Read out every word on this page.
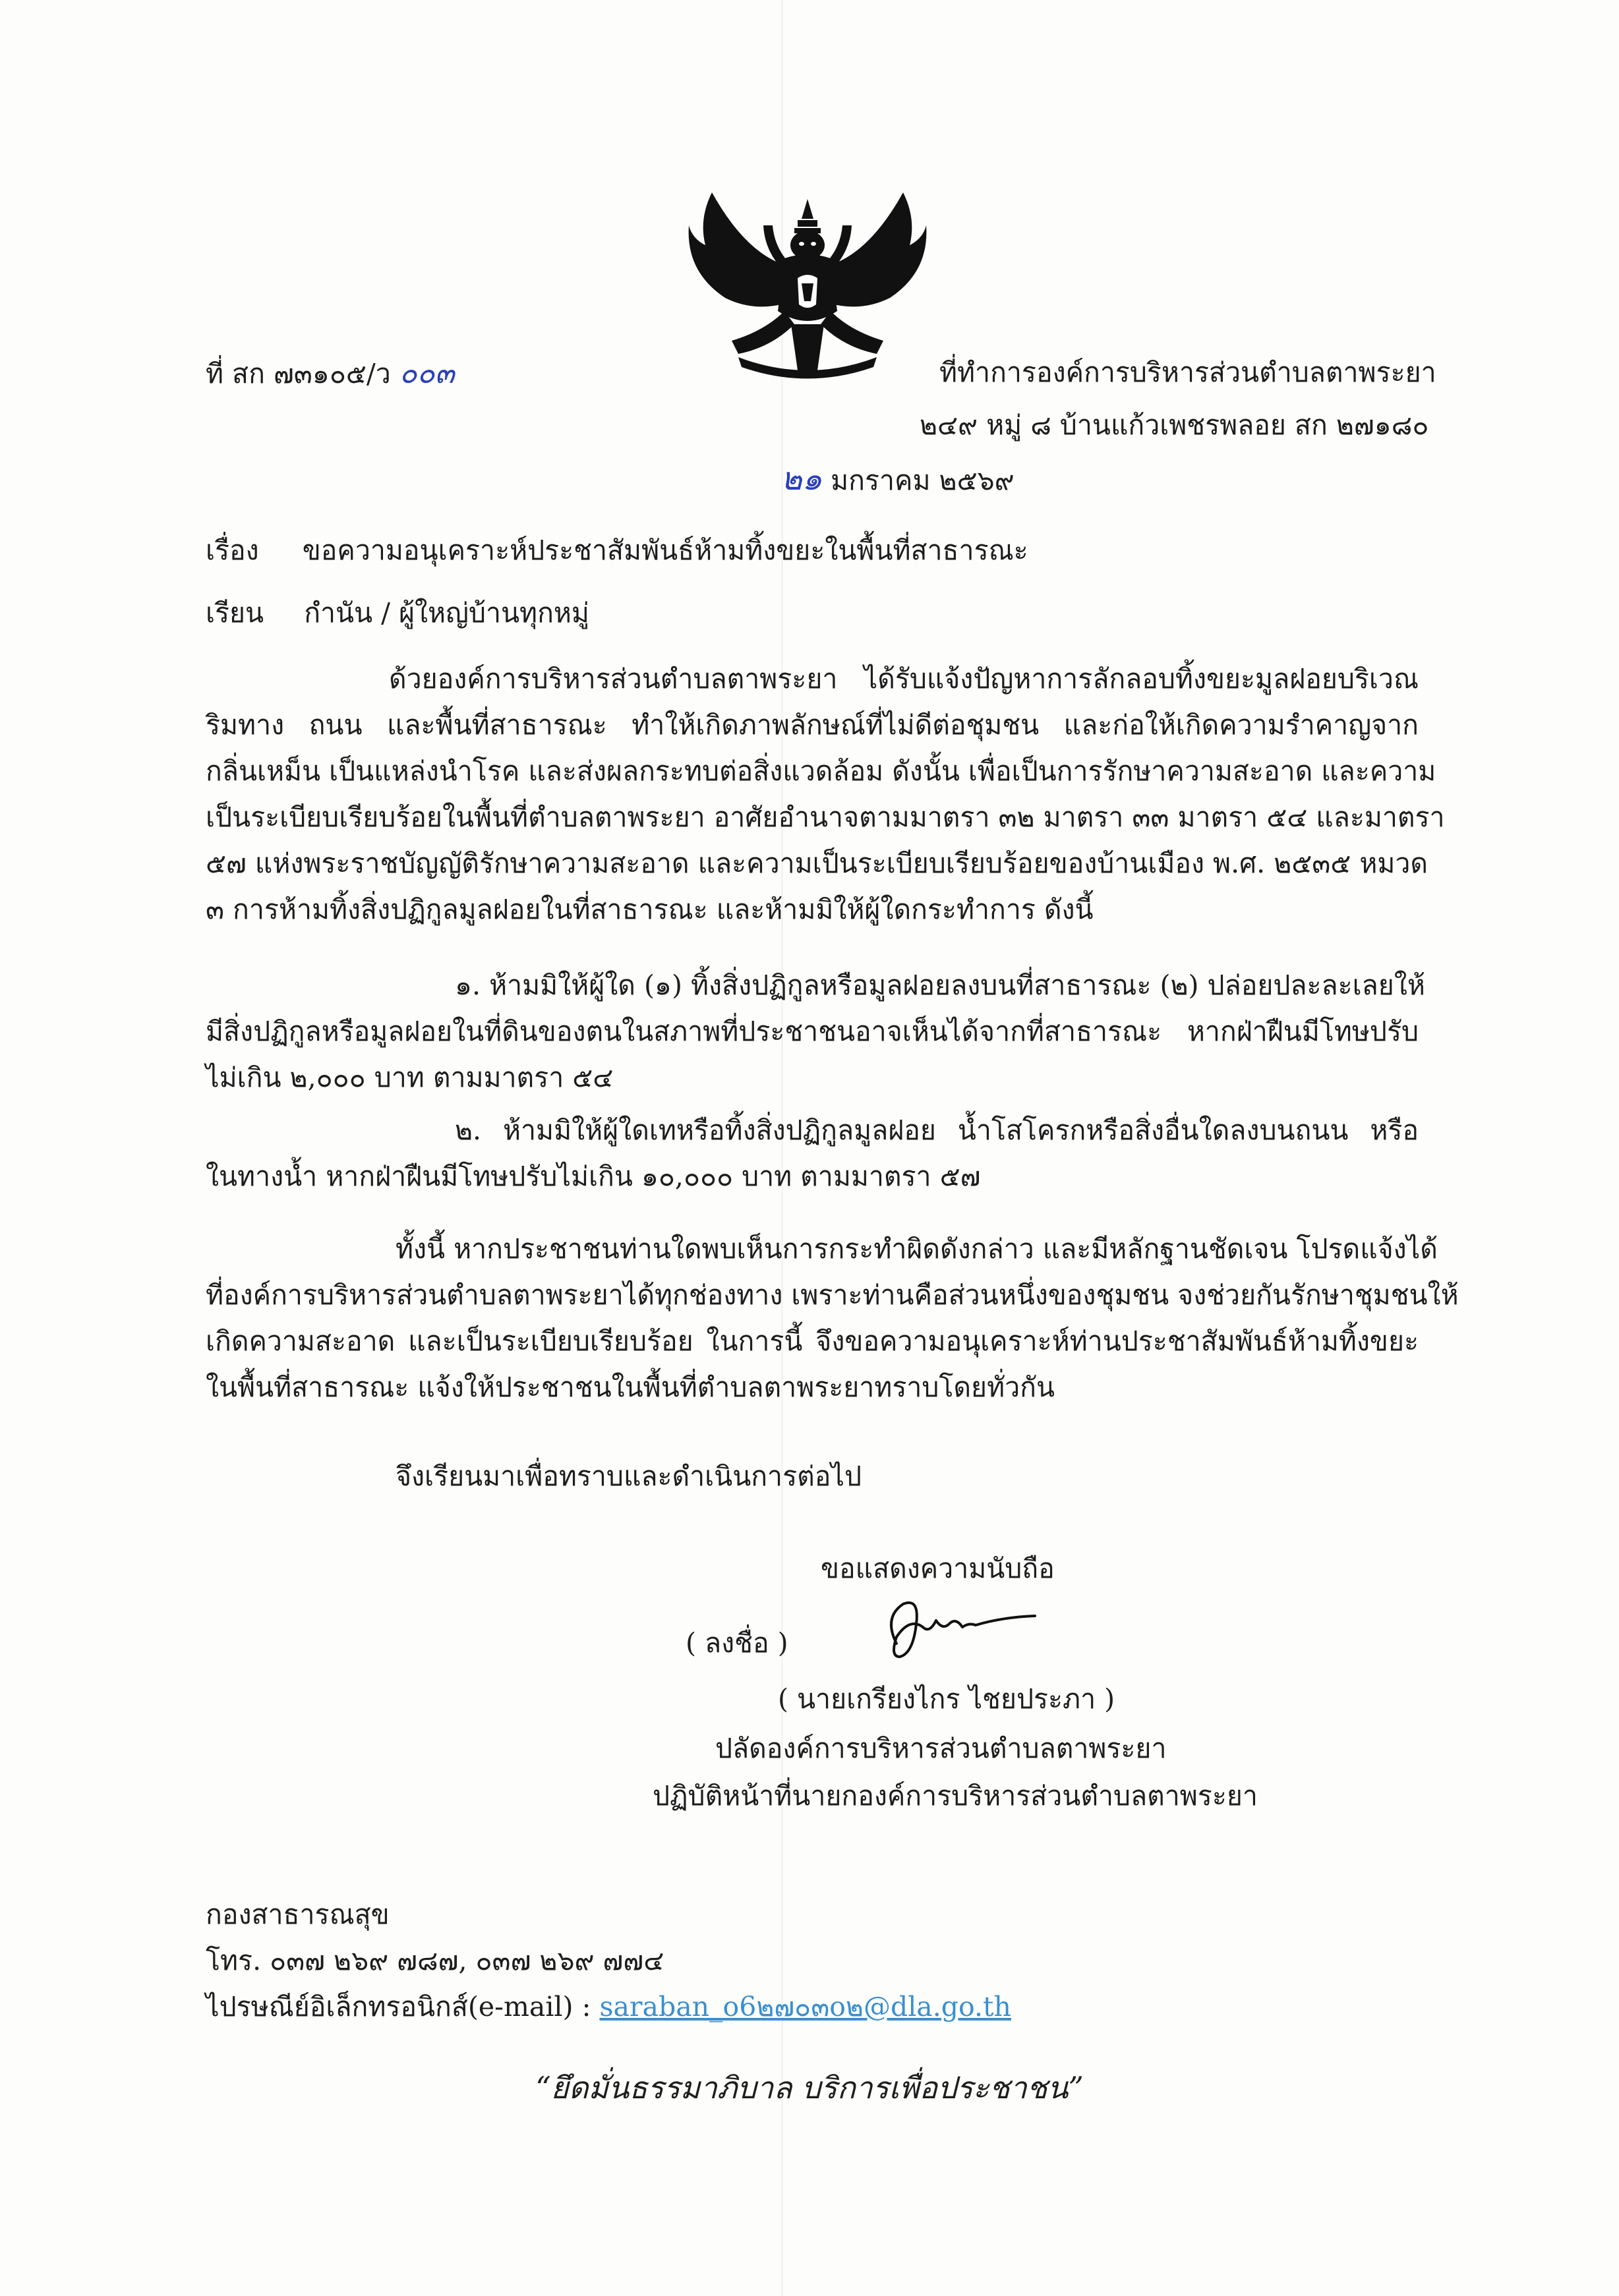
ที่ สก ๗๓๑๐๕/ว ๐๐๓	ที่ทำการองค์การบริหารส่วนตำบลตาพระยา
๒๔๙ หมู่ ๘ บ้านแก้วเพชรพลอย สก ๒๗๑๘๐
๒๑ มกราคม ๒๕๖๙
เรื่อง ขอความอนุเคราะห์ประชาสัมพันธ์ห้ามทิ้งขยะในพื้นที่สาธารณะ
เรียน กำนัน / ผู้ใหญ่บ้านทุกหมู่
ด้วยองค์การบริหารส่วนตำบลตาพระยา ได้รับแจ้งปัญหาการลักลอบทิ้งขยะมูลฝอยบริเวณ
ริมทาง ถนน และพื้นที่สาธารณะ ทำให้เกิดภาพลักษณ์ที่ไม่ดีต่อชุมชน และก่อให้เกิดความรำคาญจาก
กลิ่นเหม็น เป็นแหล่งนำโรค และส่งผลกระทบต่อสิ่งแวดล้อม ดังนั้น เพื่อเป็นการรักษาความสะอาด และความ
เป็นระเบียบเรียบร้อยในพื้นที่ตำบลตาพระยา อาศัยอำนาจตามมาตรา ๓๒ มาตรา ๓๓ มาตรา ๕๔ และมาตรา
๕๗ แห่งพระราชบัญญัติรักษาความสะอาด และความเป็นระเบียบเรียบร้อยของบ้านเมือง พ.ศ. ๒๕๓๕ หมวด
๓ การห้ามทิ้งสิ่งปฏิกูลมูลฝอยในที่สาธารณะ และห้ามมิให้ผู้ใดกระทำการ ดังนี้
๑. ห้ามมิให้ผู้ใด (๑) ทิ้งสิ่งปฏิกูลหรือมูลฝอยลงบนที่สาธารณะ (๒) ปล่อยปละละเลยให้
มีสิ่งปฏิกูลหรือมูลฝอยในที่ดินของตนในสภาพที่ประชาชนอาจเห็นได้จากที่สาธารณะ หากฝ่าฝืนมีโทษปรับ
ไม่เกิน ๒,๐๐๐ บาท ตามมาตรา ๕๔
๒. ห้ามมิให้ผู้ใดเทหรือทิ้งสิ่งปฏิกูลมูลฝอย น้ำโสโครกหรือสิ่งอื่นใดลงบนถนน หรือ
ในทางน้ำ หากฝ่าฝืนมีโทษปรับไม่เกิน ๑๐,๐๐๐ บาท ตามมาตรา ๕๗
ทั้งนี้ หากประชาชนท่านใดพบเห็นการกระทำผิดดังกล่าว และมีหลักฐานชัดเจน โปรดแจ้งได้
ที่องค์การบริหารส่วนตำบลตาพระยาได้ทุกช่องทาง เพราะท่านคือส่วนหนึ่งของชุมชน จงช่วยกันรักษาชุมชนให้
เกิดความสะอาด และเป็นระเบียบเรียบร้อย ในการนี้ จึงขอความอนุเคราะห์ท่านประชาสัมพันธ์ห้ามทิ้งขยะ
ในพื้นที่สาธารณะ แจ้งให้ประชาชนในพื้นที่ตำบลตาพระยาทราบโดยทั่วกัน
จึงเรียนมาเพื่อทราบและดำเนินการต่อไป
ขอแสดงความนับถือ
( ลงชื่อ )
( นายเกรียงไกร ไชยประภา )
ปลัดองค์การบริหารส่วนตำบลตาพระยา
ปฏิบัติหน้าที่นายกองค์การบริหารส่วนตำบลตาพระยา
กองสาธารณสุข
โทร. ๐๓๗ ๒๖๙ ๗๘๗, ๐๓๗ ๒๖๙ ๗๗๔
ไปรษณีย์อิเล็กทรอนิกส์(e-mail) : saraban_o6๒๗๐๓o๒@dla.go.th
“ยึดมั่นธรรมาภิบาล บริการเพื่อประชาชน”
